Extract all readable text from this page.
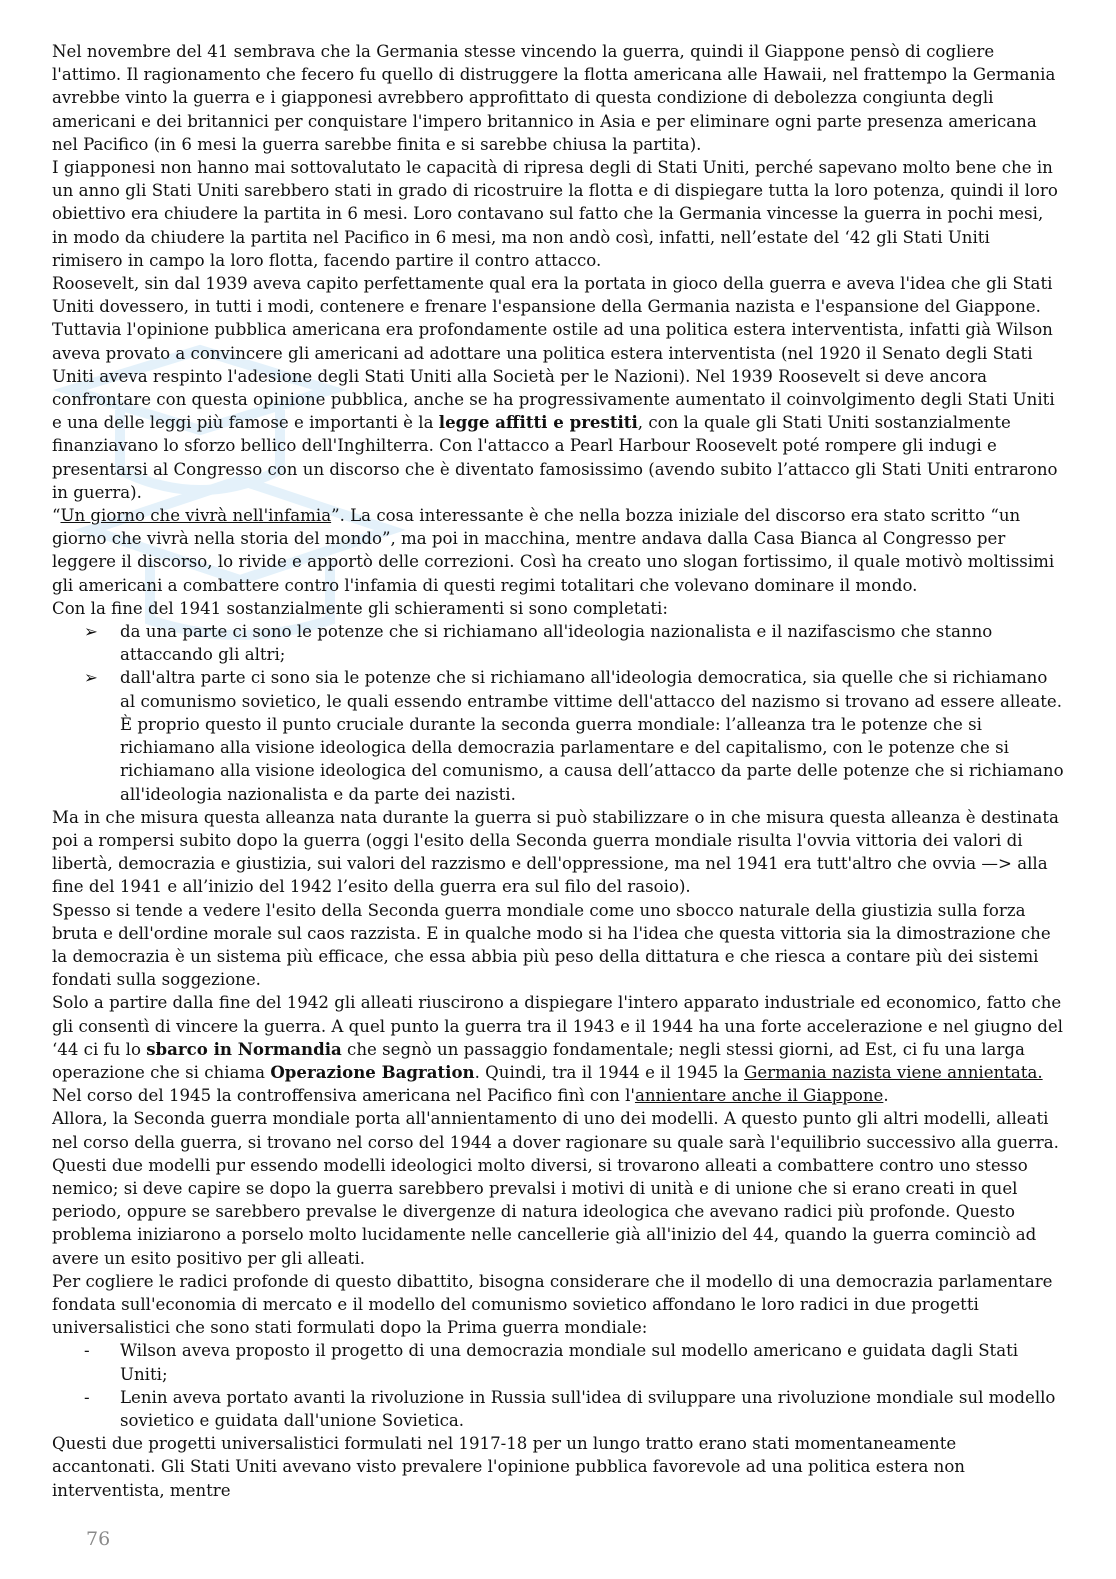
Nel novembre del 41 sembrava che la Germania stesse vincendo la guerra, quindi il Giappone pensò di cogliere l'attimo. Il ragionamento che fecero fu quello di distruggere la flotta americana alle Hawaii, nel frattempo la Germania avrebbe vinto la guerra e i giapponesi avrebbero approfittato di questa condizione di debolezza congiunta degli americani e dei britannici per conquistare l'impero britannico in Asia e per eliminare ogni parte presenza americana nel Pacifico (in 6 mesi la guerra sarebbe finita e si sarebbe chiusa la partita).

I giapponesi non hanno mai sottovalutato le capacità di ripresa degli di Stati Uniti, perché sapevano molto bene che in un anno gli Stati Uniti sarebbero stati in grado di ricostruire la flotta e di dispiegare tutta la loro potenza, quindi il loro obiettivo era chiudere la partita in 6 mesi. Loro contavano sul fatto che la Germania vincesse la guerra in pochi mesi, in modo da chiudere la partita nel Pacifico in 6 mesi, ma non andò così, infatti, nell’estate del ‘42 gli Stati Uniti rimisero in campo la loro flotta, facendo partire il contro attacco.

Roosevelt, sin dal 1939 aveva capito perfettamente qual era la portata in gioco della guerra e aveva l'idea che gli Stati Uniti dovessero, in tutti i modi, contenere e frenare l'espansione della Germania nazista e l'espansione del Giappone. Tuttavia l'opinione pubblica americana era profondamente ostile ad una politica estera interventista, infatti già Wilson aveva provato a convincere gli americani ad adottare una politica estera interventista (nel 1920 il Senato degli Stati Uniti aveva respinto l'adesione degli Stati Uniti alla Società per le Nazioni). Nel 1939 Roosevelt si deve ancora confrontare con questa opinione pubblica, anche se ha progressivamente aumentato il coinvolgimento degli Stati Uniti e una delle leggi più famose e importanti è la legge affitti e prestiti, con la quale gli Stati Uniti sostanzialmente finanziavano lo sforzo bellico dell'Inghilterra. Con l'attacco a Pearl Harbour Roosevelt poté rompere gli indugi e presentarsi al Congresso con un discorso che è diventato famosissimo (avendo subito l’attacco gli Stati Uniti entrarono in guerra).

“Un giorno che vivrà nell'infamia”. La cosa interessante è che nella bozza iniziale del discorso era stato scritto “un giorno che vivrà nella storia del mondo”, ma poi in macchina, mentre andava dalla Casa Bianca al Congresso per leggere il discorso, lo rivide e apportò delle correzioni. Così ha creato uno slogan fortissimo, il quale motivò moltissimi gli americani a combattere contro l'infamia di questi regimi totalitari che volevano dominare il mondo.

Con la fine del 1941 sostanzialmente gli schieramenti si sono completati:

➢ da una parte ci sono le potenze che si richiamano all'ideologia nazionalista e il nazifascismo che stanno attaccando gli altri;
➢ dall'altra parte ci sono sia le potenze che si richiamano all'ideologia democratica, sia quelle che si richiamano al comunismo sovietico, le quali essendo entrambe vittime dell'attacco del nazismo si trovano ad essere alleate. È proprio questo il punto cruciale durante la seconda guerra mondiale: l’alleanza tra le potenze che si richiamano alla visione ideologica della democrazia parlamentare e del capitalismo, con le potenze che si richiamano alla visione ideologica del comunismo, a causa dell’attacco da parte delle potenze che si richiamano all'ideologia nazionalista e da parte dei nazisti.

Ma in che misura questa alleanza nata durante la guerra si può stabilizzare o in che misura questa alleanza è destinata poi a rompersi subito dopo la guerra (oggi l'esito della Seconda guerra mondiale risulta l'ovvia vittoria dei valori di libertà, democrazia e giustizia, sui valori del razzismo e dell'oppressione, ma nel 1941 era tutt'altro che ovvia —> alla fine del 1941 e all’inizio del 1942 l’esito della guerra era sul filo del rasoio).

Spesso si tende a vedere l'esito della Seconda guerra mondiale come uno sbocco naturale della giustizia sulla forza bruta e dell'ordine morale sul caos razzista. E in qualche modo si ha l'idea che questa vittoria sia la dimostrazione che la democrazia è un sistema più efficace, che essa abbia più peso della dittatura e che riesca a contare più dei sistemi fondati sulla soggezione.

Solo a partire dalla fine del 1942 gli alleati riuscirono a dispiegare l'intero apparato industriale ed economico, fatto che gli consentì di vincere la guerra. A quel punto la guerra tra il 1943 e il 1944 ha una forte accelerazione e nel giugno del ‘44 ci fu lo sbarco in Normandia che segnò un passaggio fondamentale; negli stessi giorni, ad Est, ci fu una larga operazione che si chiama Operazione Bagration. Quindi, tra il 1944 e il 1945 la Germania nazista viene annientata. Nel corso del 1945 la controffensiva americana nel Pacifico finì con l'annientare anche il Giappone.

Allora, la Seconda guerra mondiale porta all'annientamento di uno dei modelli. A questo punto gli altri modelli, alleati nel corso della guerra, si trovano nel corso del 1944 a dover ragionare su quale sarà l'equilibrio successivo alla guerra. Questi due modelli pur essendo modelli ideologici molto diversi, si trovarono alleati a combattere contro uno stesso nemico; si deve capire se dopo la guerra sarebbero prevalsi i motivi di unità e di unione che si erano creati in quel periodo, oppure se sarebbero prevalse le divergenze di natura ideologica che avevano radici più profonde. Questo problema iniziarono a porselo molto lucidamente nelle cancellerie già all'inizio del 44, quando la guerra cominciò ad avere un esito positivo per gli alleati.

Per cogliere le radici profonde di questo dibattito, bisogna considerare che il modello di una democrazia parlamentare fondata sull'economia di mercato e il modello del comunismo sovietico affondano le loro radici in due progetti universalistici che sono stati formulati dopo la Prima guerra mondiale:

- Wilson aveva proposto il progetto di una democrazia mondiale sul modello americano e guidata dagli Stati Uniti;
- Lenin aveva portato avanti la rivoluzione in Russia sull'idea di sviluppare una rivoluzione mondiale sul modello sovietico e guidata dall'unione Sovietica.

Questi due progetti universalistici formulati nel 1917-18 per un lungo tratto erano stati momentaneamente accantonati. Gli Stati Uniti avevano visto prevalere l'opinione pubblica favorevole ad una politica estera non interventista, mentre

76
